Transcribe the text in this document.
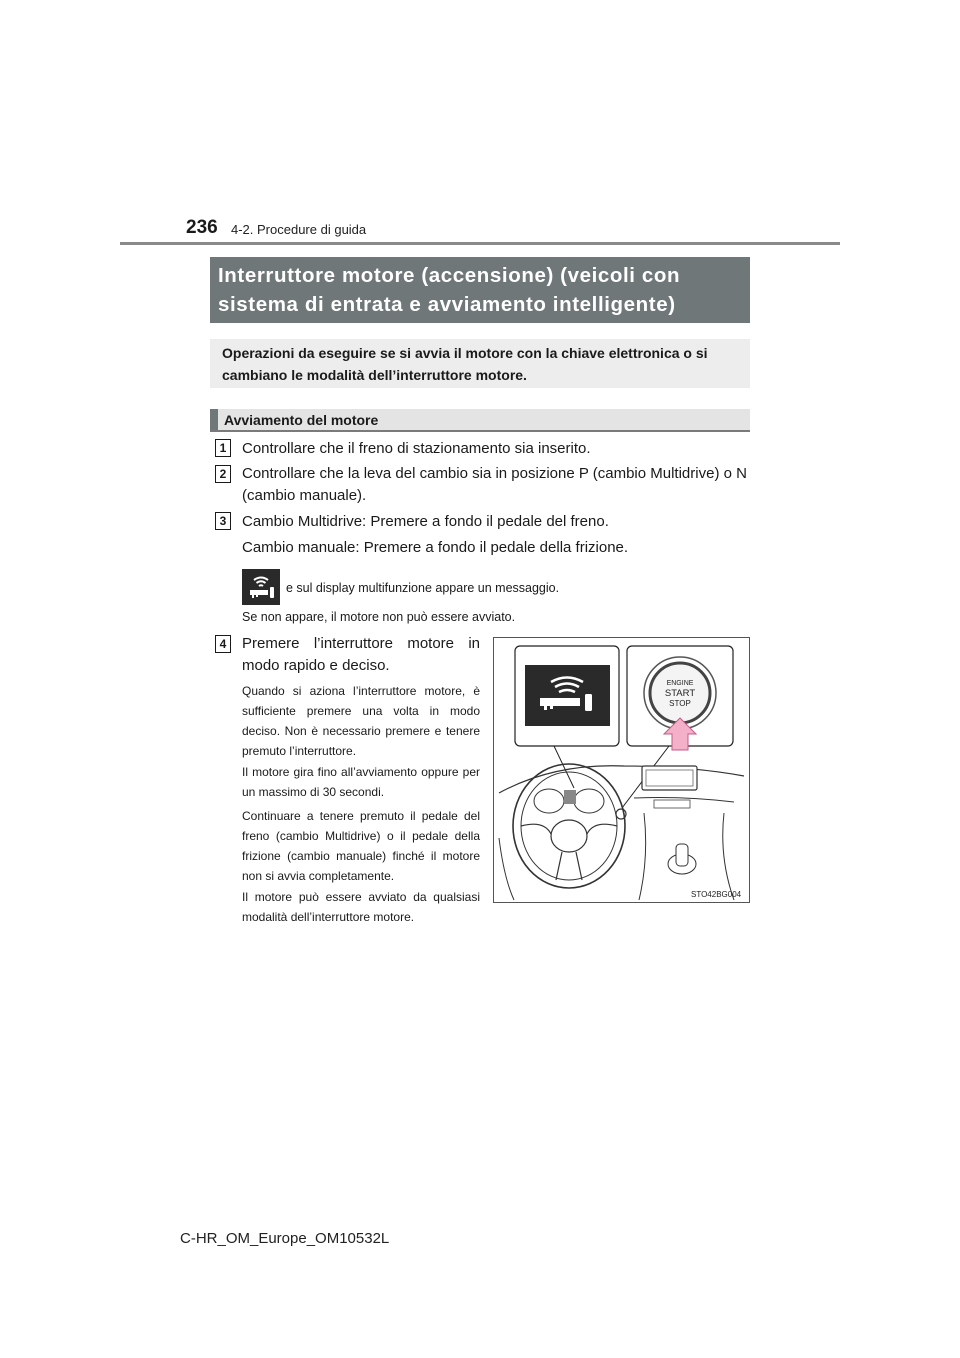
236 4-2. Procedure di guida
Interruttore motore (accensione) (veicoli con sistema di entrata e avviamento intelligente)
Operazioni da eseguire se si avvia il motore con la chiave elettronica o si cambiano le modalità dell’interruttore motore.
Avviamento del motore
1	Controllare che il freno di stazionamento sia inserito.
2	Controllare che la leva del cambio sia in posizione P (cambio Multidrive) o N (cambio manuale).
3	Cambio Multidrive: Premere a fondo il pedale del freno.
Cambio manuale: Premere a fondo il pedale della frizione.
e sul display multifunzione appare un messaggio.
Se non appare, il motore non può essere avviato.
4	Premere l’interruttore motore in modo rapido e deciso.
Quando si aziona l’interruttore motore, è sufficiente premere una volta in modo deciso. Non è necessario premere e tenere premuto l’interruttore.
Il motore gira fino all’avviamento oppure per un massimo di 30 secondi.
Continuare a tenere premuto il pedale del freno (cambio Multidrive) o il pedale della frizione (cambio manuale) finché il motore non si avvia completamente.
Il motore può essere avviato da qualsiasi modalità dell’interruttore motore.
ENGINE
START
STOP
STO42BG004
C-HR_OM_Europe_OM10532L
